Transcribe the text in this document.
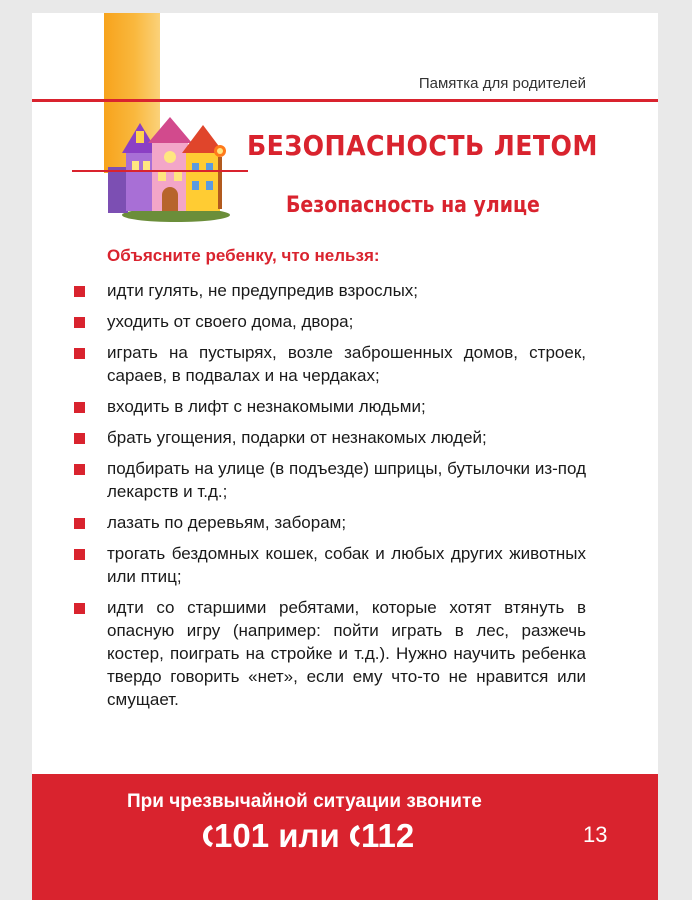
Памятка для родителей
БЕЗОПАСНОСТЬ ЛЕТОМ
Безопасность на улице
Объясните ребенку, что нельзя:
идти гулять, не предупредив взрослых;
уходить от своего дома, двора;
играть на пустырях, возле заброшенных домов, строек, сараев, в подвалах и на чердаках;
входить в лифт с незнакомыми людьми;
брать угощения, подарки от незнакомых людей;
подбирать на улице (в подъезде) шприцы, бутылочки из-под лекарств и т.д.;
лазать по деревьям, заборам;
трогать бездомных кошек, собак и любых других животных или птиц;
идти со старшими ребятами, которые хотят втянуть в опасную игру (например: пойти играть в лес, разжечь костер, поиграть на стройке и т.д.). Нужно научить ребенка твердо говорить «нет», если ему что-то не нравится или смущает.
При чрезвычайной ситуации звоните
101 или 112	13
